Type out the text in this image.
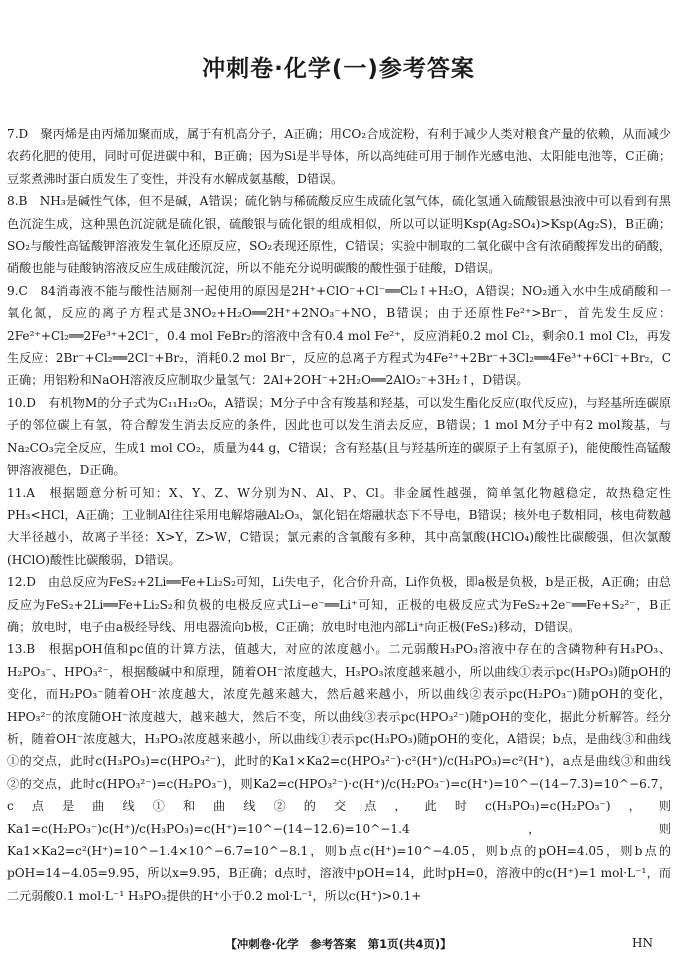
冲刺卷·化学(一)参考答案

7.D　聚丙烯是由丙烯加聚而成，属于有机高分子，A正确；用CO₂合成淀粉，有利于减少人类对粮食产量的依赖，从而减少农药化肥的使用，同时可促进碳中和，B正确；因为Si是半导体，所以高纯硅可用于制作光感电池、太阳能电池等，C正确；豆浆煮沸时蛋白质发生了变性，并没有水解成氨基酸，D错误。

8.B　NH₃是碱性气体，但不是碱，A错误；硫化钠与稀硫酸反应生成硫化氢气体，硫化氢通入硫酸银悬浊液中可以看到有黑色沉淀生成，这种黑色沉淀就是硫化银，硫酸银与硫化银的组成相似，所以可以证明Ksp(Ag₂SO₄)>Ksp(Ag₂S)，B正确；SO₂与酸性高锰酸钾溶液发生氧化还原反应，SO₂表现还原性，C错误；实验中制取的二氧化碳中含有浓硝酸挥发出的硝酸，硝酸也能与硅酸钠溶液反应生成硅酸沉淀，所以不能充分说明碳酸的酸性强于硅酸，D错误。

9.C　84消毒液不能与酸性洁厕剂一起使用的原因是2H⁺+ClO⁻+Cl⁻══Cl₂↑+H₂O，A错误；NO₂通入水中生成硝酸和一氧化氮，反应的离子方程式是3NO₂+H₂O══2H⁺+2NO₃⁻+NO，B错误；由于还原性Fe²⁺>Br⁻，首先发生反应：2Fe²⁺+Cl₂══2Fe³⁺+2Cl⁻，0.4 mol FeBr₂的溶液中含有0.4 mol Fe²⁺，反应消耗0.2 mol Cl₂，剩余0.1 mol Cl₂，再发生反应：2Br⁻+Cl₂══2Cl⁻+Br₂，消耗0.2 mol Br⁻，反应的总离子方程式为4Fe²⁺+2Br⁻+3Cl₂══4Fe³⁺+6Cl⁻+Br₂，C正确；用铝粉和NaOH溶液反应制取少量氢气：2Al+2OH⁻+2H₂O══2AlO₂⁻+3H₂↑，D错误。

10.D　有机物M的分子式为C₁₁H₁₂O₆，A错误；M分子中含有羧基和羟基，可以发生酯化反应(取代反应)，与羟基所连碳原子的邻位碳上有氢，符合醇发生消去反应的条件，因此也可以发生消去反应，B错误；1 mol M分子中有2 mol羧基，与Na₂CO₃完全反应，生成1 mol CO₂，质量为44 g，C错误；含有羟基(且与羟基所连的碳原子上有氢原子)，能使酸性高锰酸钾溶液褪色，D正确。

11.A　根据题意分析可知：X、Y、Z、W分别为N、Al、P、Cl。非金属性越强，简单氢化物越稳定，故热稳定性PH₃<HCl，A正确；工业制Al往往采用电解熔融Al₂O₃，氯化铝在熔融状态下不导电，B错误；核外电子数相同，核电荷数越大半径越小，故离子半径：X>Y，Z>W，C错误；氯元素的含氧酸有多种，其中高氯酸(HClO₄)酸性比碳酸强，但次氯酸(HClO)酸性比碳酸弱，D错误。

12.D　由总反应为FeS₂+2Li══Fe+Li₂S₂可知，Li失电子，化合价升高，Li作负极，即a极是负极，b是正极，A正确；由总反应为FeS₂+2Li══Fe+Li₂S₂和负极的电极反应式Li−e⁻══Li⁺可知，正极的电极反应式为FeS₂+2e⁻══Fe+S₂²⁻，B正确；放电时，电子由a极经导线、用电器流向b极，C正确；放电时电池内部Li⁺向正极(FeS₂)移动，D错误。

13.B　根据pOH值和pc值的计算方法，值越大，对应的浓度越小。二元弱酸H₃PO₃溶液中存在的含磷物种有H₃PO₃、H₂PO₃⁻、HPO₃²⁻，根据酸碱中和原理，随着OH⁻浓度越大，H₃PO₃浓度越来越小，所以曲线①表示pc(H₃PO₃)随pOH的变化，而H₂PO₃⁻随着OH⁻浓度越大，浓度先越来越大，然后越来越小，所以曲线②表示pc(H₂PO₃⁻)随pOH的变化，HPO₃²⁻的浓度随OH⁻浓度越大，越来越大，然后不变，所以曲线③表示pc(HPO₃²⁻)随pOH的变化，据此分析解答。经分析，随着OH⁻浓度越大，H₃PO₃浓度越来越小，所以曲线①表示pc(H₃PO₃)随pOH的变化，A错误；b点，是曲线③和曲线①的交点，此时c(H₃PO₃)=c(HPO₃²⁻)，此时的Ka1×Ka2=c(HPO₃²⁻)·c²(H⁺)/c(H₃PO₃)=c²(H⁺)，a点是曲线③和曲线②的交点，此时c(HPO₃²⁻)=c(H₂PO₃⁻)，则Ka2=c(HPO₃²⁻)·c(H⁺)/c(H₂PO₃⁻)=c(H⁺)=10^−(14−7.3)=10^−6.7，c点是曲线①和曲线②的交点，此时c(H₃PO₃)=c(H₂PO₃⁻)，则Ka1=c(H₂PO₃⁻)c(H⁺)/c(H₃PO₃)=c(H⁺)=10^−(14−12.6)=10^−1.4，则Ka1×Ka2=c²(H⁺)=10^−1.4×10^−6.7=10^−8.1，则b点c(H⁺)=10^−4.05，则b点的pOH=4.05，则b点的pOH=14−4.05=9.95，所以x=9.95，B正确；d点时，溶液中pOH=14，此时pH=0，溶液中的c(H⁺)=1 mol·L⁻¹，而二元弱酸0.1 mol·L⁻¹ H₃PO₃提供的H⁺小于0.2 mol·L⁻¹，所以c(H⁺)>0.1+

【冲刺卷·化学　参考答案　第1页(共4页)】	HN
